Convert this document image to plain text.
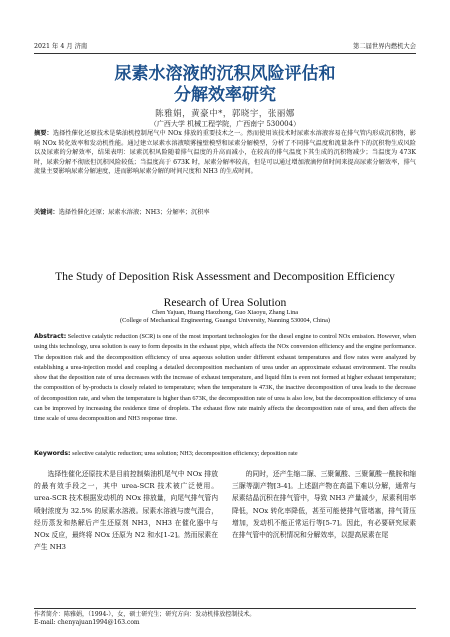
2021 年 4 月 济南	第二届世界内燃机大会
尿素水溶液的沉积风险评估和
分解效率研究
陈雅娟，黄豪中*，郭晓宇，张丽娜
（广西大学 机械工程学院，广西南宁 530004）
摘要：选择性催化还原技术是柴油机控制尾气中 NOx 排放的重要技术之一。然而使用该技术时尿素水溶液容易在排气管内形成沉积物，影响 NOx 转化效率和发动机性能。通过建立尿素水溶液喷雾撞壁模型和尿素分解模型，分析了不同排气温度和流量条件下的沉积物生成风险以及尿素的分解效率，结果表明：尿素沉积风险随着排气温度的升高而减小，在较高的排气温度下其生成的沉积物减少；当温度为 473K 时，尿素分解不彻底但沉积风险较低；当温度高于 673K 时，尿素分解率较高，但是可以通过增加液滴停留时间来提高尿素分解效率，排气流量主要影响尿素分解速度，进而影响尿素分解的时间尺度和 NH3 的生成时间。
关键词：选择性催化还原；尿素水溶液；NH3；分解率；沉积率
The Study of Deposition Risk Assessment and Decomposition Efficiency
Research of Urea Solution
Chen Yajuan, Huang Haozhong, Guo Xiaoyu, Zhang Lina
(College of Mechanical Engineering, Guangxi University, Nanning 530004, China)
Abstract: Selective catalytic reduction (SCR) is one of the most important technologies for the diesel engine to control NOx emission. However, when using this technology, urea solution is easy to form deposits in the exhaust pipe, which affects the NOx conversion efficiency and the engine performance. The deposition risk and the decomposition efficiency of urea aqueous solution under different exhaust temperatures and flow rates were analyzed by establishing a urea-injection model and coupling a detailed decomposition mechanism of urea under an approximate exhaust environment. The results show that the deposition rate of urea decreases with the increase of exhaust temperature, and liquid film is even not formed at higher exhaust temperature; the composition of by-products is closely related to temperature; when the temperature is 473K, the inactive decomposition of urea leads to the decrease of decomposition rate, and when the temperature is higher than 673K, the decomposition rate of urea is also low, but the decomposition efficiency of urea can be improved by increasing the residence time of droplets. The exhaust flow rate mainly affects the decomposition rate of urea, and then affects the time scale of urea decomposition and NH3 response time.
Keywords: selective catalytic reduction; urea solution; NH3; decomposition efficiency; deposition rate
选择性催化还原技术是目前控制柴油机尾气中 NOx 排放的最有效手段之一，其中 urea-SCR 技术被广泛使用。urea-SCR 技术根据发动机的 NOx 排放量，向尾气排气管内喷射浓度为 32.5% 的尿素水溶液。尿素水溶液与废气混合，经历蒸发和热解后产生还原剂 NH3，NH3 在催化器中与 NOx 反应，最终将 NOx 还原为 N2 和水[1-2]。然而尿素在产生 NH3
的同时，还产生缩二脲、三聚氰酸、三聚氰酸一酰胺和缩三脲等副产物[3-4]。上述副产物在高温下难以分解，通常与尿素结晶沉积在排气管中，导致 NH3 产量减少，尿素利用率降低，NOx 转化率降低，甚至可能使排气管堵塞，排气背压增加，发动机不能正常运行等[5-7]。因此，有必要研究尿素在排气管中的沉积情况和分解效率，以提高尿素在尾
作者简介：陈雅娟，（1994-），女，硕士研究生；研究方向：发动机排放控制技术。
E-mail: chenyajuan1994@163.com
